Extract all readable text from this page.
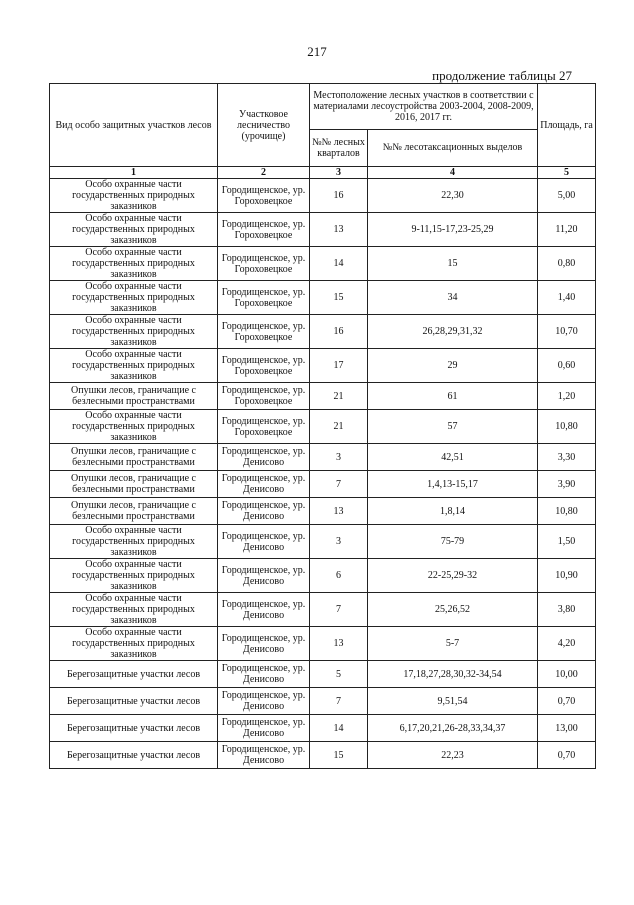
217
продолжение таблицы 27
Вид особо защитных участков лесов	Участковое лесничество (урочище)	Местоположение лесных участков в соответствии с материалами лесоустройства 2003-2004, 2008-2009, 2016, 2017 гг.		Площадь, га
		№№ лесных кварталов	№№ лесотаксационных выделов	
1	2	3	4	5
Особо охранные части государственных природных заказников	Городищенское, ур. Гороховецкое	16	22,30	5,00
Особо охранные части государственных природных заказников	Городищенское, ур. Гороховецкое	13	9-11,15-17,23-25,29	11,20
Особо охранные части государственных природных заказников	Городищенское, ур. Гороховецкое	14	15	0,80
Особо охранные части государственных природных заказников	Городищенское, ур. Гороховецкое	15	34	1,40
Особо охранные части государственных природных заказников	Городищенское, ур. Гороховецкое	16	26,28,29,31,32	10,70
Особо охранные части государственных природных заказников	Городищенское, ур. Гороховецкое	17	29	0,60
Опушки лесов, граничащие с безлесными пространствами	Городищенское, ур. Гороховецкое	21	61	1,20
Особо охранные части государственных природных заказников	Городищенское, ур. Гороховецкое	21	57	10,80
Опушки лесов, граничащие с безлесными пространствами	Городищенское, ур. Денисово	3	42,51	3,30
Опушки лесов, граничащие с безлесными пространствами	Городищенское, ур. Денисово	7	1,4,13-15,17	3,90
Опушки лесов, граничащие с безлесными пространствами	Городищенское, ур. Денисово	13	1,8,14	10,80
Особо охранные части государственных природных заказников	Городищенское, ур. Денисово	3	75-79	1,50
Особо охранные части государственных природных заказников	Городищенское, ур. Денисово	6	22-25,29-32	10,90
Особо охранные части государственных природных заказников	Городищенское, ур. Денисово	7	25,26,52	3,80
Особо охранные части государственных природных заказников	Городищенское, ур. Денисово	13	5-7	4,20
Берегозащитные участки лесов	Городищенское, ур. Денисово	5	17,18,27,28,30,32-34,54	10,00
Берегозащитные участки лесов	Городищенское, ур. Денисово	7	9,51,54	0,70
Берегозащитные участки лесов	Городищенское, ур. Денисово	14	6,17,20,21,26-28,33,34,37	13,00
Берегозащитные участки лесов	Городищенское, ур. Денисово	15	22,23	0,70
